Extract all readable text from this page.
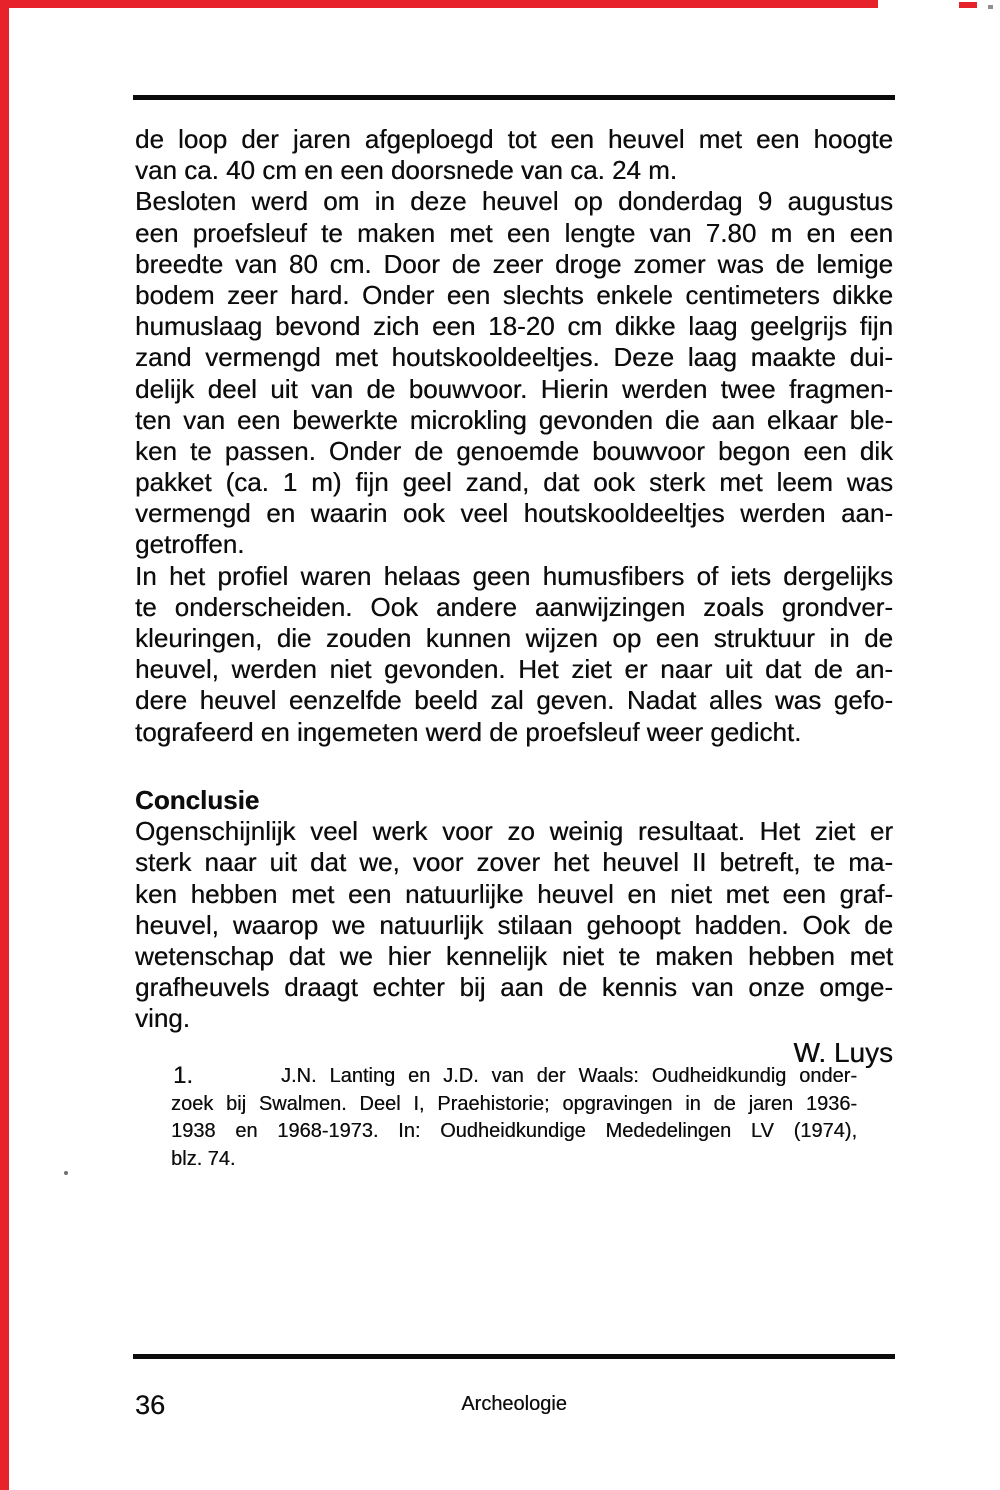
de loop der jaren afgeploegd tot een heuvel met een hoogte
van ca. 40 cm en een doorsnede van ca. 24 m.
Besloten werd om in deze heuvel op donderdag 9 augustus
een proefsleuf te maken met een lengte van 7.80 m en een
breedte van 80 cm. Door de zeer droge zomer was de lemige
bodem zeer hard. Onder een slechts enkele centimeters dikke
humuslaag bevond zich een 18-20 cm dikke laag geelgrijs fijn
zand vermengd met houtskooldeeltjes. Deze laag maakte dui-
delijk deel uit van de bouwvoor. Hierin werden twee fragmen-
ten van een bewerkte microkling gevonden die aan elkaar ble-
ken te passen. Onder de genoemde bouwvoor begon een dik
pakket (ca. 1 m) fijn geel zand, dat ook sterk met leem was
vermengd en waarin ook veel houtskooldeeltjes werden aan-
getroffen.
In het profiel waren helaas geen humusfibers of iets dergelijks
te onderscheiden. Ook andere aanwijzingen zoals grondver-
kleuringen, die zouden kunnen wijzen op een struktuur in de
heuvel, werden niet gevonden. Het ziet er naar uit dat de an-
dere heuvel eenzelfde beeld zal geven. Nadat alles was gefo-
tografeerd en ingemeten werd de proefsleuf weer gedicht.
Conclusie
Ogenschijnlijk veel werk voor zo weinig resultaat. Het ziet er
sterk naar uit dat we, voor zover het heuvel II betreft, te ma-
ken hebben met een natuurlijke heuvel en niet met een graf-
heuvel, waarop we natuurlijk stilaan gehoopt hadden. Ook de
wetenschap dat we hier kennelijk niet te maken hebben met
grafheuvels draagt echter bij aan de kennis van onze omge-
ving.
W. Luys
1.	J.N. Lanting en J.D. van der Waals: Oudheidkundig onder-
zoek bij Swalmen. Deel I, Praehistorie; opgravingen in de jaren 1936-
1938 en 1968-1973. In: Oudheidkundige Mededelingen LV (1974),
blz. 74.
36	Archeologie
